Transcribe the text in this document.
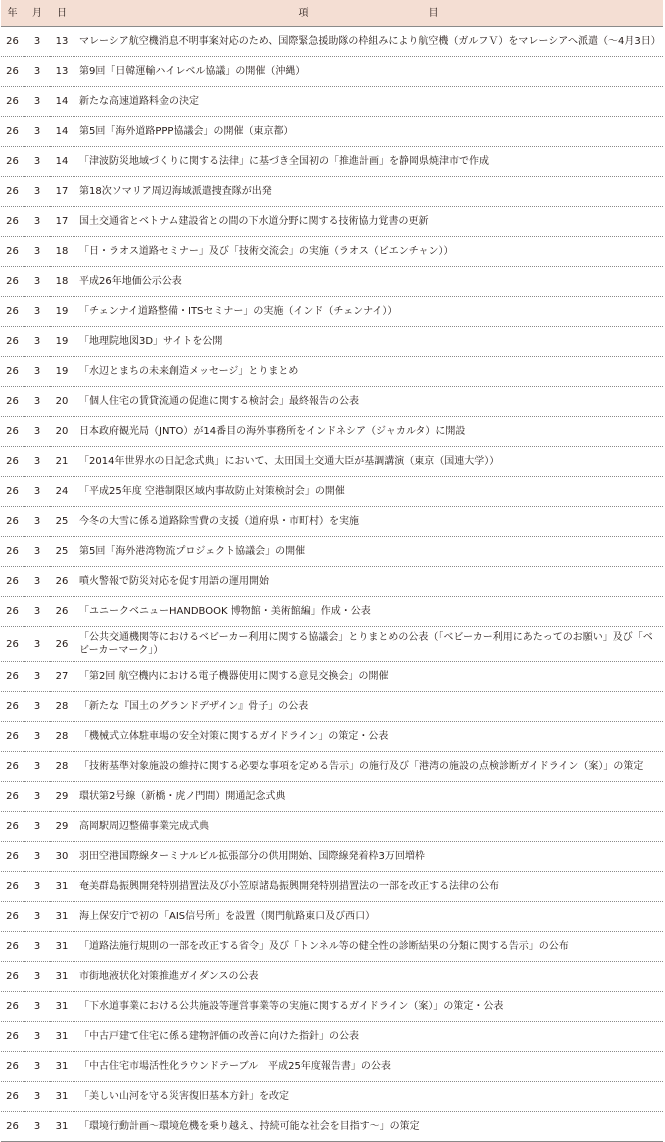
年	月	日	項目
26	3	13	マレーシア航空機消息不明事案対応のため、国際緊急援助隊の枠組みにより航空機（ガルフＶ）をマレーシアへ派遣（〜4月3日）
26	3	13	第9回「日韓運輸ハイレベル協議」の開催（沖縄）
26	3	14	新たな高速道路料金の決定
26	3	14	第5回「海外道路PPP協議会」の開催（東京都）
26	3	14	「津波防災地域づくりに関する法律」に基づき全国初の「推進計画」を静岡県焼津市で作成
26	3	17	第18次ソマリア周辺海域派遣捜査隊が出発
26	3	17	国土交通省とベトナム建設省との間の下水道分野に関する技術協力覚書の更新
26	3	18	「日・ラオス道路セミナー」及び「技術交流会」の実施（ラオス（ビエンチャン））
26	3	18	平成26年地価公示公表
26	3	19	「チェンナイ道路整備・ITSセミナー」の実施（インド（チェンナイ））
26	3	19	「地理院地図3D」サイトを公開
26	3	19	「水辺とまちの未来創造メッセージ」とりまとめ
26	3	20	「個人住宅の賃貸流通の促進に関する検討会」最終報告の公表
26	3	20	日本政府観光局（JNTO）が14番目の海外事務所をインドネシア（ジャカルタ）に開設
26	3	21	「2014年世界水の日記念式典」において、太田国土交通大臣が基調講演（東京（国連大学））
26	3	24	「平成25年度 空港制限区域内事故防止対策検討会」の開催
26	3	25	今冬の大雪に係る道路除雪費の支援（道府県・市町村）を実施
26	3	25	第5回「海外港湾物流プロジェクト協議会」の開催
26	3	26	噴火警報で防災対応を促す用語の運用開始
26	3	26	「ユニークベニューHANDBOOK 博物館・美術館編」作成・公表
26	3	26	「公共交通機関等におけるベビーカー利用に関する協議会」とりまとめの公表（「ベビーカー利用にあたってのお願い」及び「ベビーカーマーク」）
26	3	27	「第2回 航空機内における電子機器使用に関する意見交換会」の開催
26	3	28	「新たな『国土のグランドデザイン』骨子」の公表
26	3	28	「機械式立体駐車場の安全対策に関するガイドライン」の策定・公表
26	3	28	「技術基準対象施設の維持に関する必要な事項を定める告示」の施行及び「港湾の施設の点検診断ガイドライン（案）」の策定
26	3	29	環状第2号線（新橋・虎ノ門間）開通記念式典
26	3	29	高岡駅周辺整備事業完成式典
26	3	30	羽田空港国際線ターミナルビル拡張部分の供用開始、国際線発着枠3万回増枠
26	3	31	奄美群島振興開発特別措置法及び小笠原諸島振興開発特別措置法の一部を改正する法律の公布
26	3	31	海上保安庁で初の「AIS信号所」を設置（関門航路東口及び西口）
26	3	31	「道路法施行規則の一部を改正する省令」及び「トンネル等の健全性の診断結果の分類に関する告示」の公布
26	3	31	市街地液状化対策推進ガイダンスの公表
26	3	31	「下水道事業における公共施設等運営事業等の実施に関するガイドライン（案）」の策定・公表
26	3	31	「中古戸建て住宅に係る建物評価の改善に向けた指針」の公表
26	3	31	「中古住宅市場活性化ラウンドテーブル　平成25年度報告書」の公表
26	3	31	「美しい山河を守る災害復旧基本方針」を改定
26	3	31	「環境行動計画〜環境危機を乗り越え、持続可能な社会を目指す〜」の策定
